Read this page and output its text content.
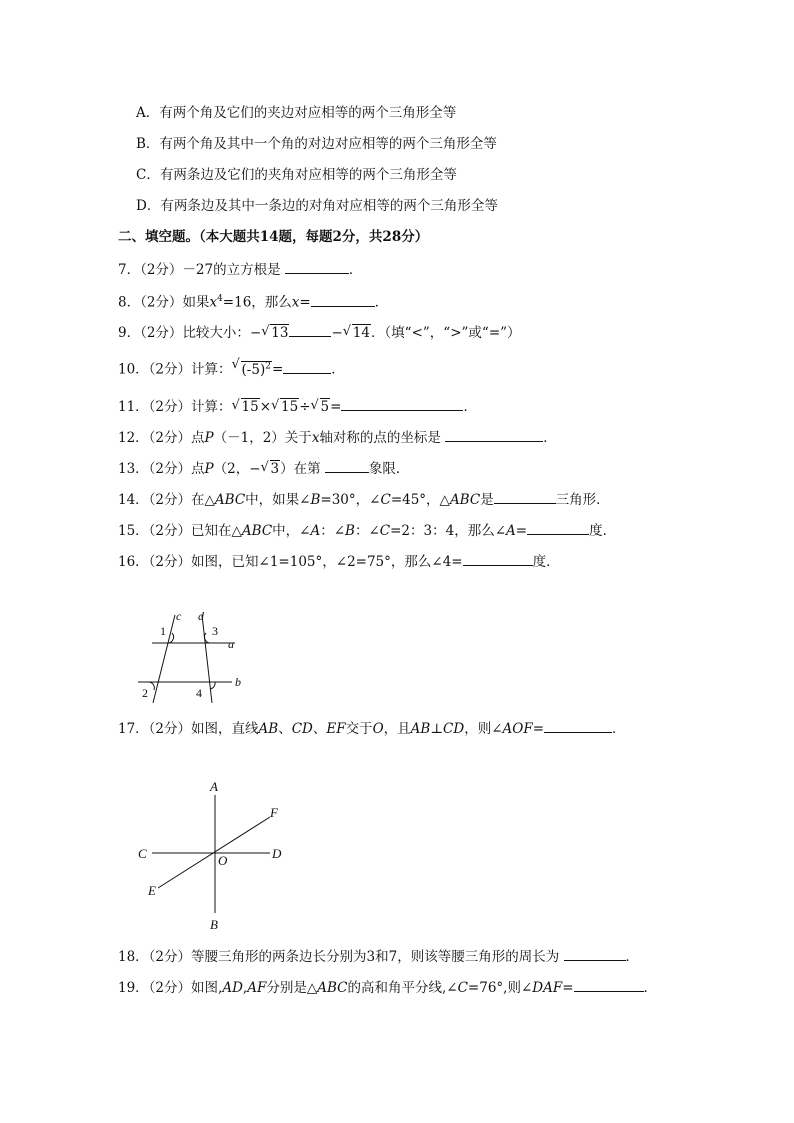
A．有两个角及它们的夹边对应相等的两个三角形全等
B．有两个角及其中一个角的对边对应相等的两个三角形全等
C．有两条边及它们的夹角对应相等的两个三角形全等
D．有两条边及其中一条边的对角对应相等的两个三角形全等
二、填空题。（本大题共14题，每题2分，共28分）
7．（2分）－27的立方根是	．
8．（2分）如果$x^4=16$，那么x=	．
9．（2分）比较大小：− √ 13	− √ 14．（填“<”，“>”或“=”）
10．（2分）计算： √ $(-5)^2=$	．
11．（2分）计算： √ 15× √ 15÷ √ 5=	．
12．（2分）点P（－1，2）关于x轴对称的点的坐标是	．
13．（2分）点P（2，− √ 3）在第	象限．
14．（2分）在△ABC中，如果∠B=30°，∠C=45°，△ABC是	三角形．
15．（2分）已知在△ABC中，∠A：∠B：∠C=2：3：4，那么∠A=	度．
16．（2分）如图，已知∠1=105°，∠2=75°，那么∠4=	度．
c d
a
b
1	3
2	4
17．（2分）如图，直线AB、CD、EF交于O，且AB⊥CD，则∠AOF=	．
A
B
C	D
E
F
O
18．（2分）等腰三角形的两条边长分别为3和7，则该等腰三角形的周长为	．
19．（2分）如图,AD,AF分别是△ABC的高和角平分线,∠C=76°,则∠DAF=	．
